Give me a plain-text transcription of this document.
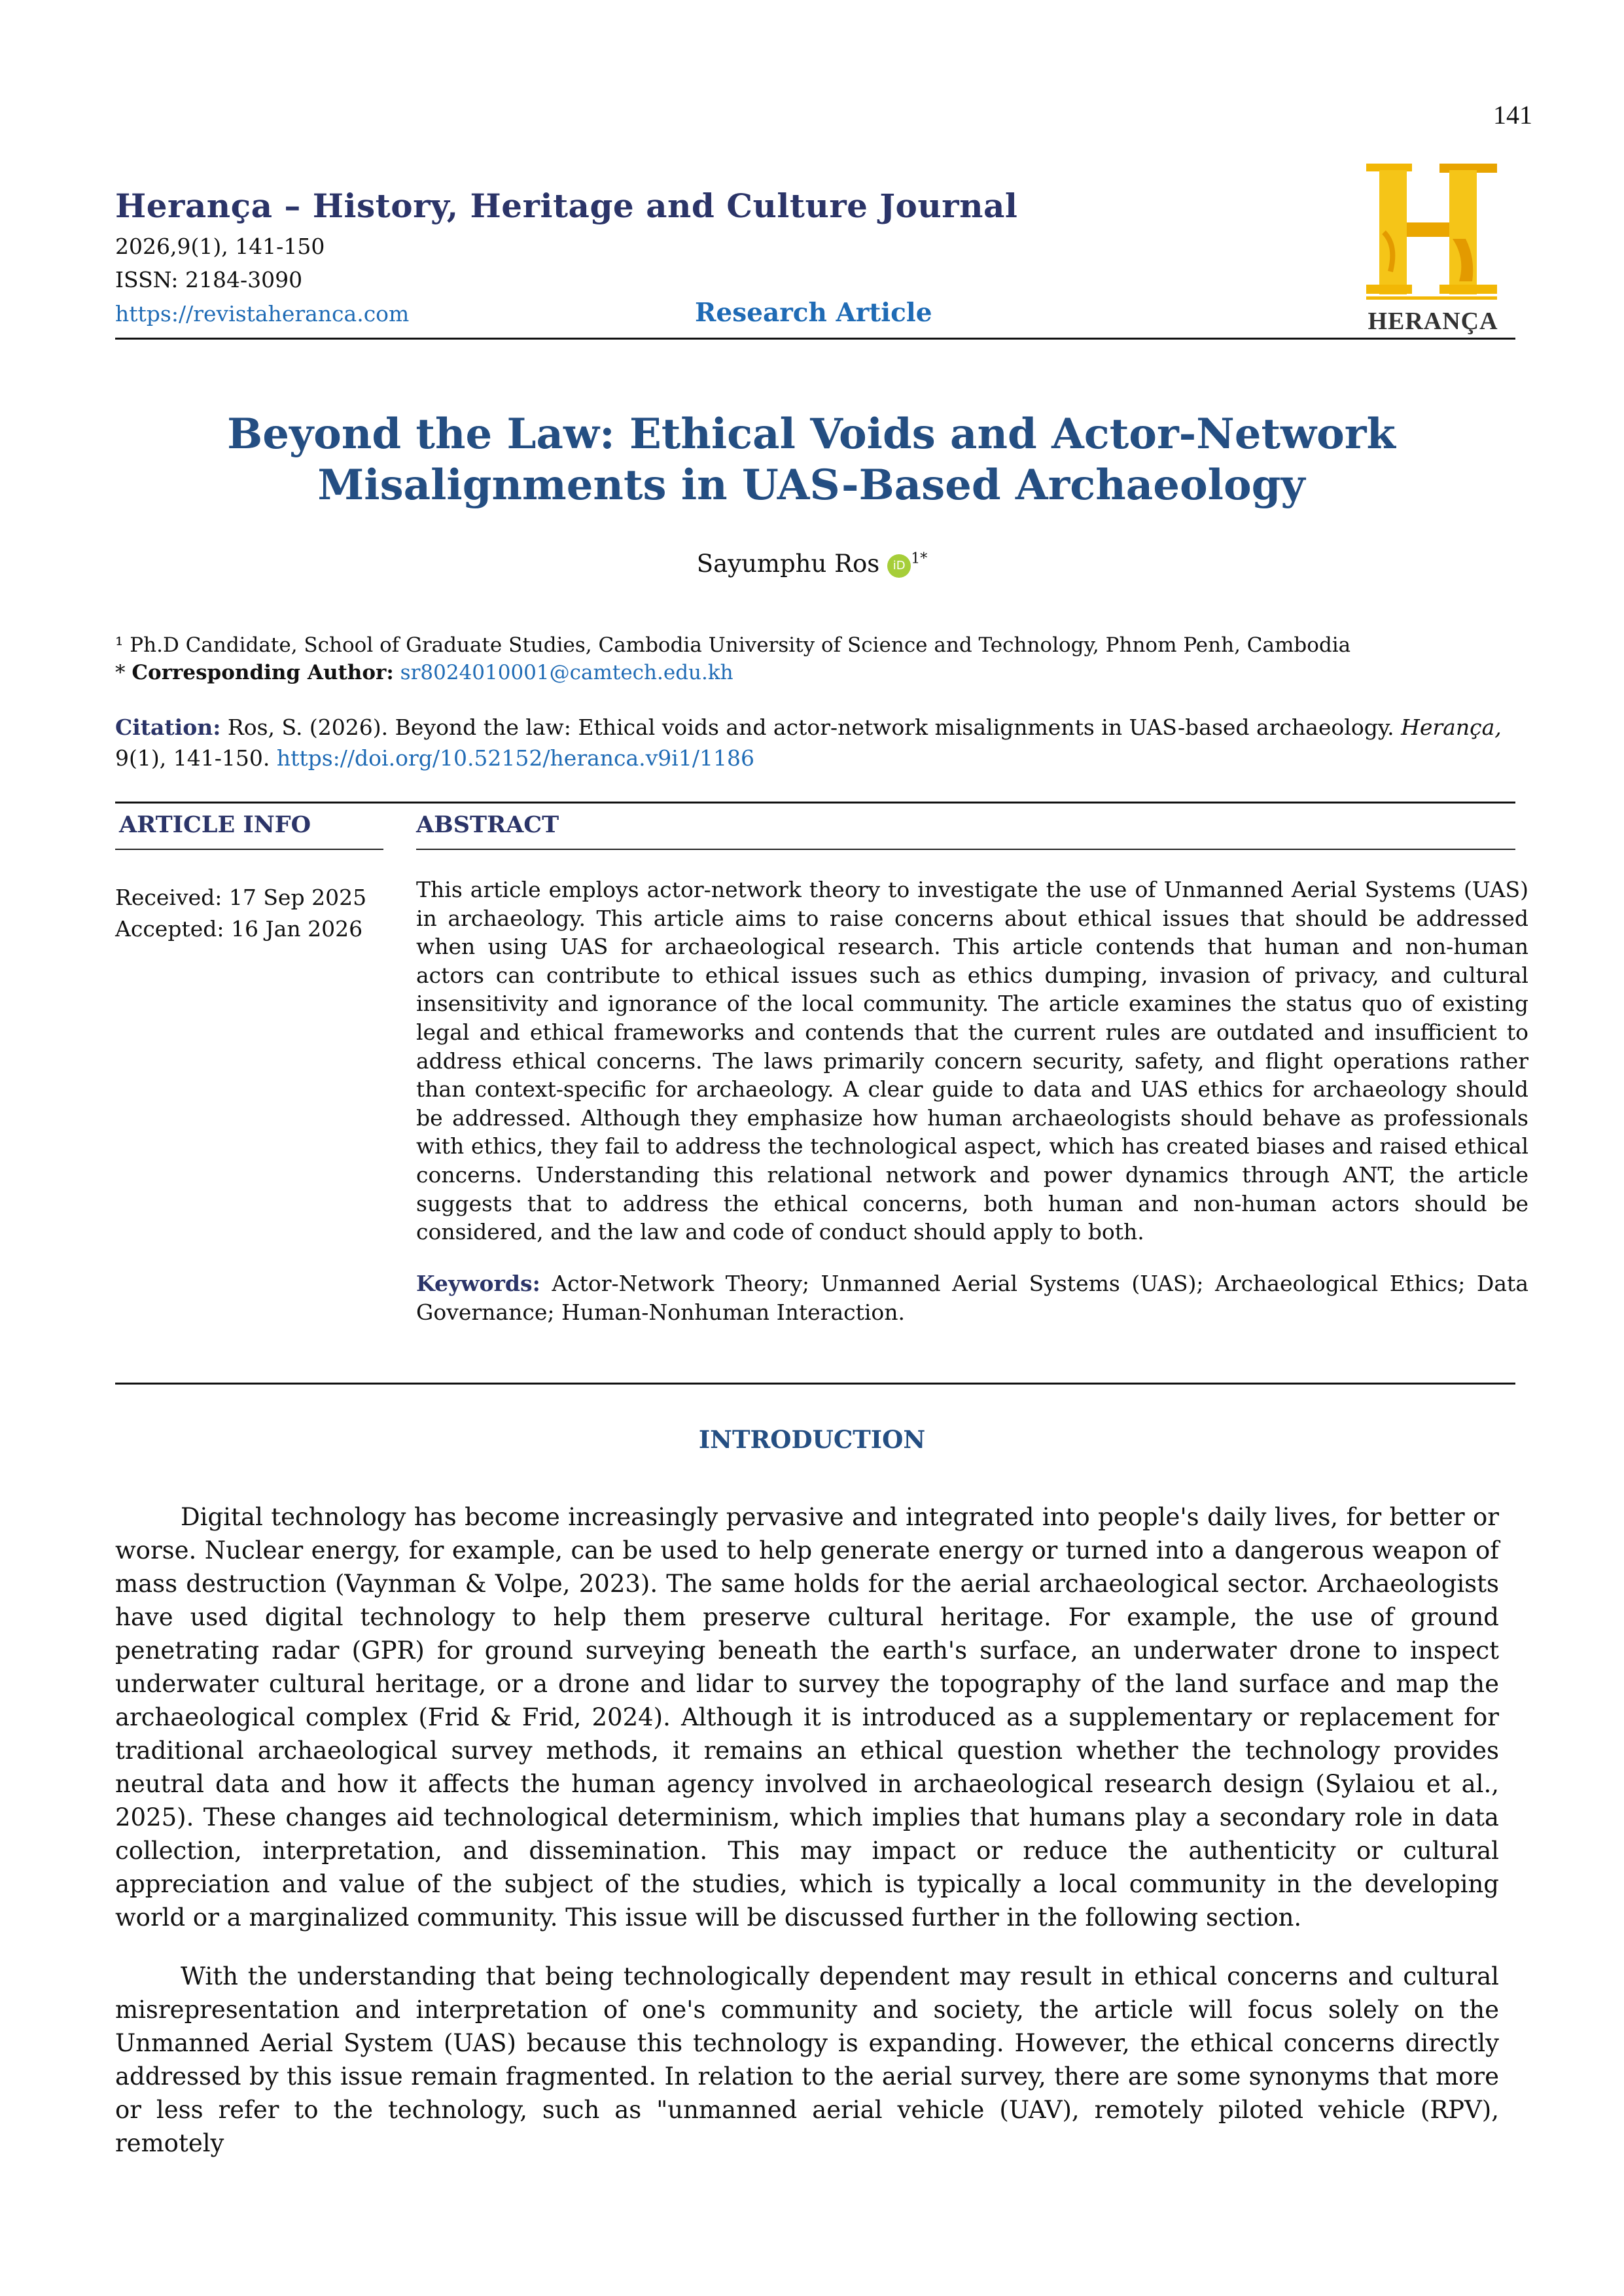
141
Herança – History, Heritage and Culture Journal
2026,9(1), 141-150
ISSN: 2184-3090
https://revistaheranca.com	Research Article	HERANÇA
Beyond the Law: Ethical Voids and Actor-Network
Misalignments in UAS-Based Archaeology
Sayumphu Ros iD $^{1*}$
¹ Ph.D Candidate, School of Graduate Studies, Cambodia University of Science and Technology, Phnom Penh, Cambodia
* Corresponding Author: sr8024010001@camtech.edu.kh
Citation: Ros, S. (2026). Beyond the law: Ethical voids and actor-network misalignments in UAS-based archaeology. Herança, 9(1), 141-150. https://doi.org/10.52152/heranca.v9i1/1186
ARTICLE INFO	ABSTRACT
Received: 17 Sep 2025
Accepted: 16 Jan 2026
This article employs actor-network theory to investigate the use of Unmanned Aerial Systems (UAS) in archaeology. This article aims to raise concerns about ethical issues that should be addressed when using UAS for archaeological research. This article contends that human and non-human actors can contribute to ethical issues such as ethics dumping, invasion of privacy, and cultural insensitivity and ignorance of the local community. The article examines the status quo of existing legal and ethical frameworks and contends that the current rules are outdated and insufficient to address ethical concerns. The laws primarily concern security, safety, and flight operations rather than context-specific for archaeology. A clear guide to data and UAS ethics for archaeology should be addressed. Although they emphasize how human archaeologists should behave as professionals with ethics, they fail to address the technological aspect, which has created biases and raised ethical concerns. Understanding this relational network and power dynamics through ANT, the article suggests that to address the ethical concerns, both human and non-human actors should be considered, and the law and code of conduct should apply to both.
Keywords: Actor-Network Theory; Unmanned Aerial Systems (UAS); Archaeological Ethics; Data Governance; Human-Nonhuman Interaction.
INTRODUCTION
Digital technology has become increasingly pervasive and integrated into people's daily lives, for better or worse. Nuclear energy, for example, can be used to help generate energy or turned into a dangerous weapon of mass destruction (Vaynman & Volpe, 2023). The same holds for the aerial archaeological sector. Archaeologists have used digital technology to help them preserve cultural heritage. For example, the use of ground penetrating radar (GPR) for ground surveying beneath the earth's surface, an underwater drone to inspect underwater cultural heritage, or a drone and lidar to survey the topography of the land surface and map the archaeological complex (Frid & Frid, 2024). Although it is introduced as a supplementary or replacement for traditional archaeological survey methods, it remains an ethical question whether the technology provides neutral data and how it affects the human agency involved in archaeological research design (Sylaiou et al., 2025). These changes aid technological determinism, which implies that humans play a secondary role in data collection, interpretation, and dissemination. This may impact or reduce the authenticity or cultural appreciation and value of the subject of the studies, which is typically a local community in the developing world or a marginalized community. This issue will be discussed further in the following section.
With the understanding that being technologically dependent may result in ethical concerns and cultural misrepresentation and interpretation of one's community and society, the article will focus solely on the Unmanned Aerial System (UAS) because this technology is expanding. However, the ethical concerns directly addressed by this issue remain fragmented. In relation to the aerial survey, there are some synonyms that more or less refer to the technology, such as "unmanned aerial vehicle (UAV), remotely piloted vehicle (RPV), remotely
